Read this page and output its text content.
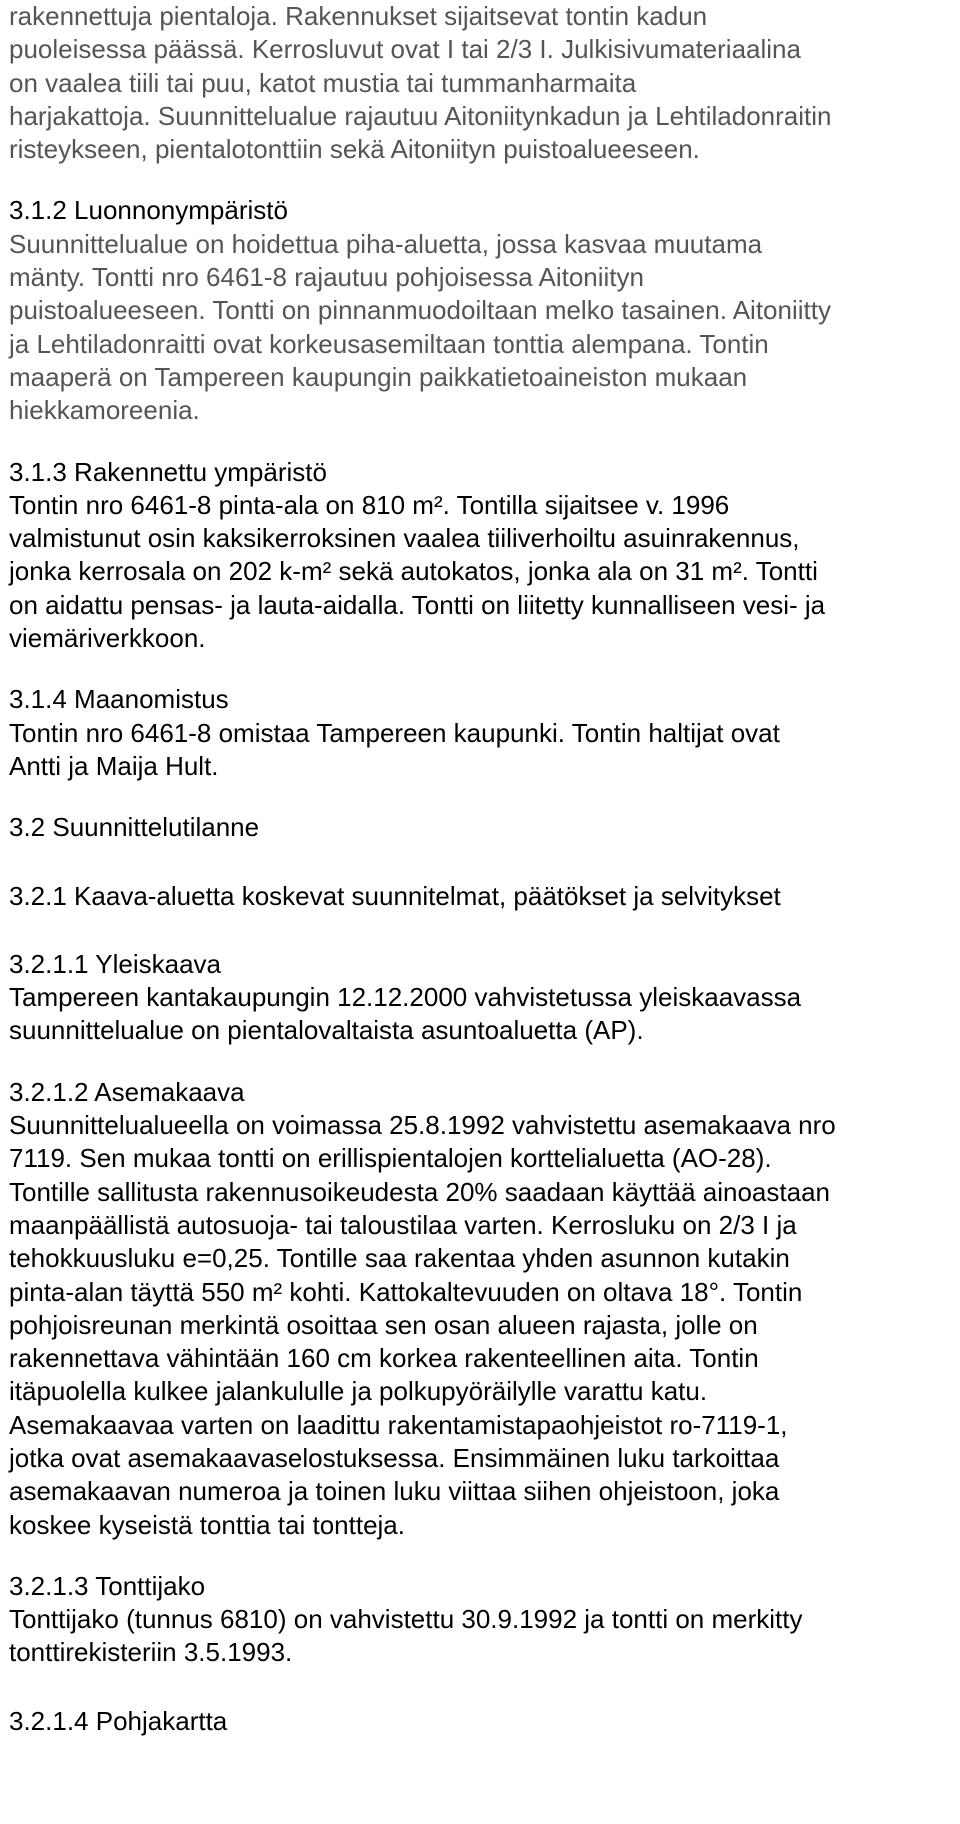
rakennettuja pientaloja. Rakennukset sijaitsevat tontin kadun
puoleisessa päässä. Kerrosluvut ovat I tai 2/3 I. Julkisivumateriaalina
on vaalea tiili tai puu, katot mustia tai tummanharmaita
harjakattoja. Suunnittelualue rajautuu Aitoniitynkadun ja Lehtiladonraitin
risteykseen, pientalotonttiin sekä Aitoniityn puistoalueeseen.
3.1.2 Luonnonympäristö
Suunnittelualue on hoidettua piha-aluetta, jossa kasvaa muutama
mänty. Tontti nro 6461-8 rajautuu pohjoisessa Aitoniityn
puistoalueeseen. Tontti on pinnanmuodoiltaan melko tasainen. Aitoniitty
ja Lehtiladonraitti ovat korkeusasemiltaan tonttia alempana. Tontin
maaperä on Tampereen kaupungin paikkatietoaineiston mukaan
hiekkamoreenia.
3.1.3 Rakennettu ympäristö
Tontin nro 6461-8 pinta-ala on 810 m². Tontilla sijaitsee v. 1996
valmistunut osin kaksikerroksinen vaalea tiiliverhoiltu asuinrakennus,
jonka kerrosala on 202 k-m² sekä autokatos, jonka ala on 31 m². Tontti
on aidattu pensas- ja lauta-aidalla. Tontti on liitetty kunnalliseen vesi- ja
viemäriverkkoon.
3.1.4 Maanomistus
Tontin nro 6461-8 omistaa Tampereen kaupunki. Tontin haltijat ovat
Antti ja Maija Hult.
3.2 Suunnittelutilanne
3.2.1 Kaava-aluetta koskevat suunnitelmat, päätökset ja selvitykset
3.2.1.1 Yleiskaava
Tampereen kantakaupungin 12.12.2000 vahvistetussa yleiskaavassa
suunnittelualue on pientalovaltaista asuntoaluetta (AP).
3.2.1.2 Asemakaava
Suunnittelualueella on voimassa 25.8.1992 vahvistettu asemakaava nro
7119. Sen mukaa tontti on erillispientalojen korttelialuetta (AO-28).
Tontille sallitusta rakennusoikeudesta 20% saadaan käyttää ainoastaan
maanpäällistä autosuoja- tai taloustilaa varten. Kerrosluku on 2/3 I ja
tehokkuusluku e=0,25. Tontille saa rakentaa yhden asunnon kutakin
pinta-alan täyttä 550 m² kohti. Kattokaltevuuden on oltava 18°. Tontin
pohjoisreunan merkintä osoittaa sen osan alueen rajasta, jolle on
rakennettava vähintään 160 cm korkea rakenteellinen aita. Tontin
itäpuolella kulkee jalankululle ja polkupyöräilylle varattu katu.
Asemakaavaa varten on laadittu rakentamistapaohjeistot ro-7119-1,
jotka ovat asemakaavaselostuksessa. Ensimmäinen luku tarkoittaa
asemakaavan numeroa ja toinen luku viittaa siihen ohjeistoon, joka
koskee kyseistä tonttia tai tontteja.
3.2.1.3 Tonttijako
Tonttijako (tunnus 6810) on vahvistettu 30.9.1992 ja tontti on merkitty
tonttirekisteriin 3.5.1993.
3.2.1.4 Pohjakartta
